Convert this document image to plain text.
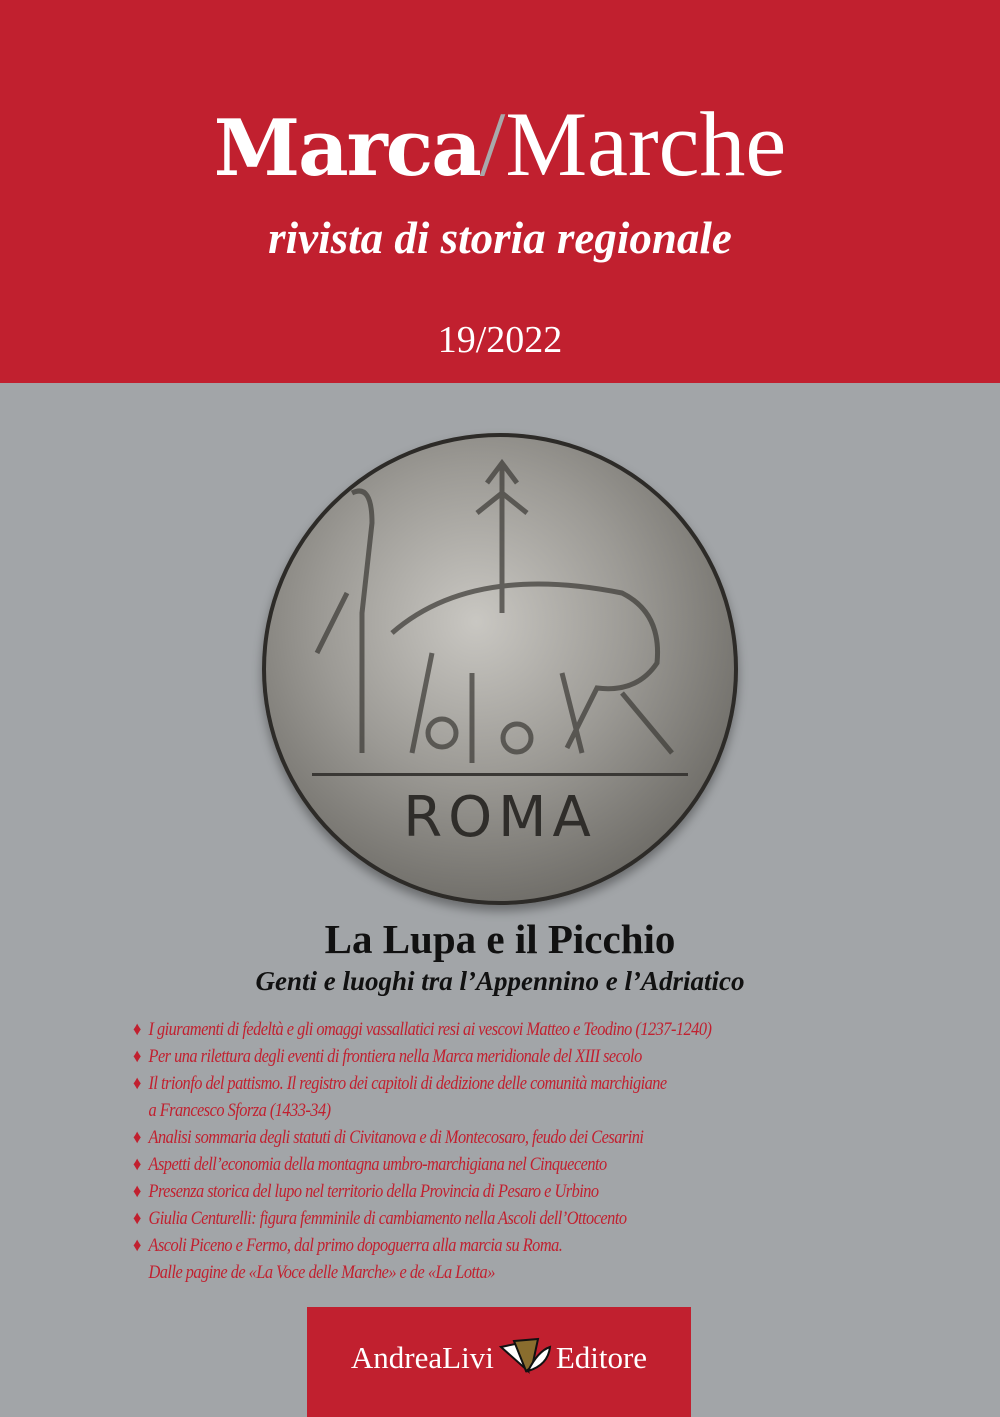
Marca/Marche
rivista di storia regionale
19/2022
ROMA
La Lupa e il Picchio
Genti e luoghi tra l’Appennino e l’Adriatico
♦ I giuramenti di fedeltà e gli omaggi vassallatici resi ai vescovi Matteo e Teodino (1237-1240)
♦ Per una rilettura degli eventi di frontiera nella Marca meridionale del XIII secolo
♦ Il trionfo del pattismo. Il registro dei capitoli di dedizione delle comunità marchigiane
a Francesco Sforza (1433-34)
♦ Analisi sommaria degli statuti di Civitanova e di Montecosaro, feudo dei Cesarini
♦ Aspetti dell’economia della montagna umbro-marchigiana nel Cinquecento
♦ Presenza storica del lupo nel territorio della Provincia di Pesaro e Urbino
♦ Giulia Centurelli: figura femminile di cambiamento nella Ascoli dell’Ottocento
♦ Ascoli Piceno e Fermo, dal primo dopoguerra alla marcia su Roma.
Dalle pagine de «La Voce delle Marche» e de «La Lotta»
AndreaLivi Editore
